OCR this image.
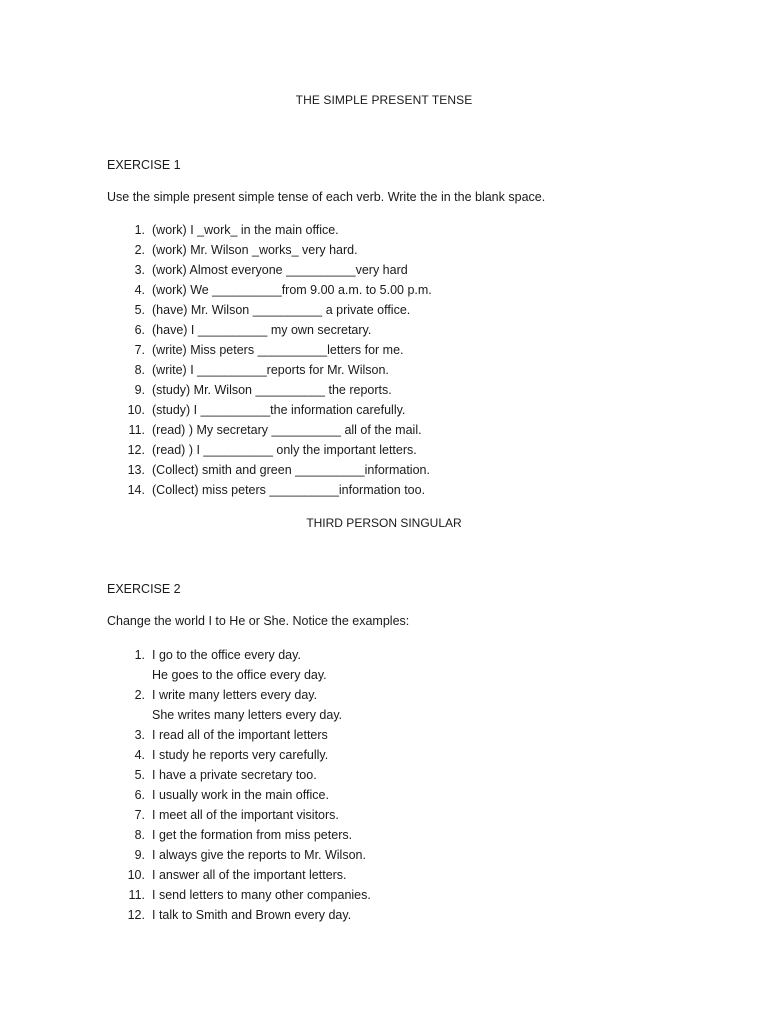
THE SIMPLE PRESENT TENSE
EXERCISE 1
Use the simple present simple tense of each verb. Write the in the blank space.
1. (work) I _work_ in the main office.
2. (work) Mr. Wilson _works_ very hard.
3. (work) Almost everyone __________very hard
4. (work) We __________from 9.00 a.m. to 5.00 p.m.
5. (have) Mr. Wilson __________ a private office.
6. (have) I __________ my own secretary.
7. (write) Miss peters __________letters for me.
8. (write) I __________reports for Mr. Wilson.
9. (study) Mr. Wilson __________ the reports.
10. (study) I __________the information carefully.
11. (read) ) My secretary __________ all of the mail.
12. (read) ) I __________ only the important letters.
13. (Collect) smith and green __________information.
14. (Collect) miss peters __________information too.
THIRD PERSON SINGULAR
EXERCISE 2
Change the world I to He or She. Notice the examples:
1. I go to the office every day.
He goes to the office every day.
2. I write many letters every day.
She writes many letters every day.
3. I read all of the important letters
4. I study he reports very carefully.
5. I have a private secretary too.
6. I usually work in the main office.
7. I meet all of the important visitors.
8. I get the formation from miss peters.
9. I always give the reports to Mr. Wilson.
10. I answer all of the important letters.
11. I send letters to many other companies.
12. I talk to Smith and Brown every day.
